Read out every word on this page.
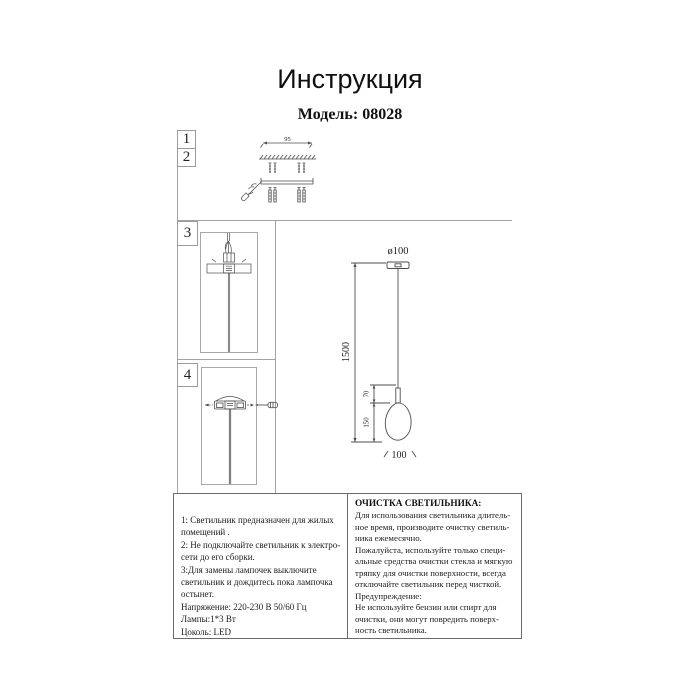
Инструкция
Модель: 08028
1
2
3
4
95
ø100
1500
70
150
100
1: Светильник предназначен для жилых
помещений .
2: Не подключайте светильник к электро-
сети до его сборки.
3:Для замены лампочек выключите
светильник и дождитесь пока лампочка
остынет.
Напряжение: 220-230 В 50/60 Гц
Лампы:1*3 Вт
Цоколь: LED
ОЧИСТКА СВЕТИЛЬНИКА:
Для использования светильника длитель-
ное время, производите очистку светиль-
ника ежемесячно.
Пожалуйста, используйте только специ-
альные средства очистки стекла и мягкую
тряпку для очистки поверхности, всегда
отключайте светильник перед чисткой.
Предупреждение:
Не используйте бензин или спирт для
очистки, они могут повредить поверх-
ность светильника.
